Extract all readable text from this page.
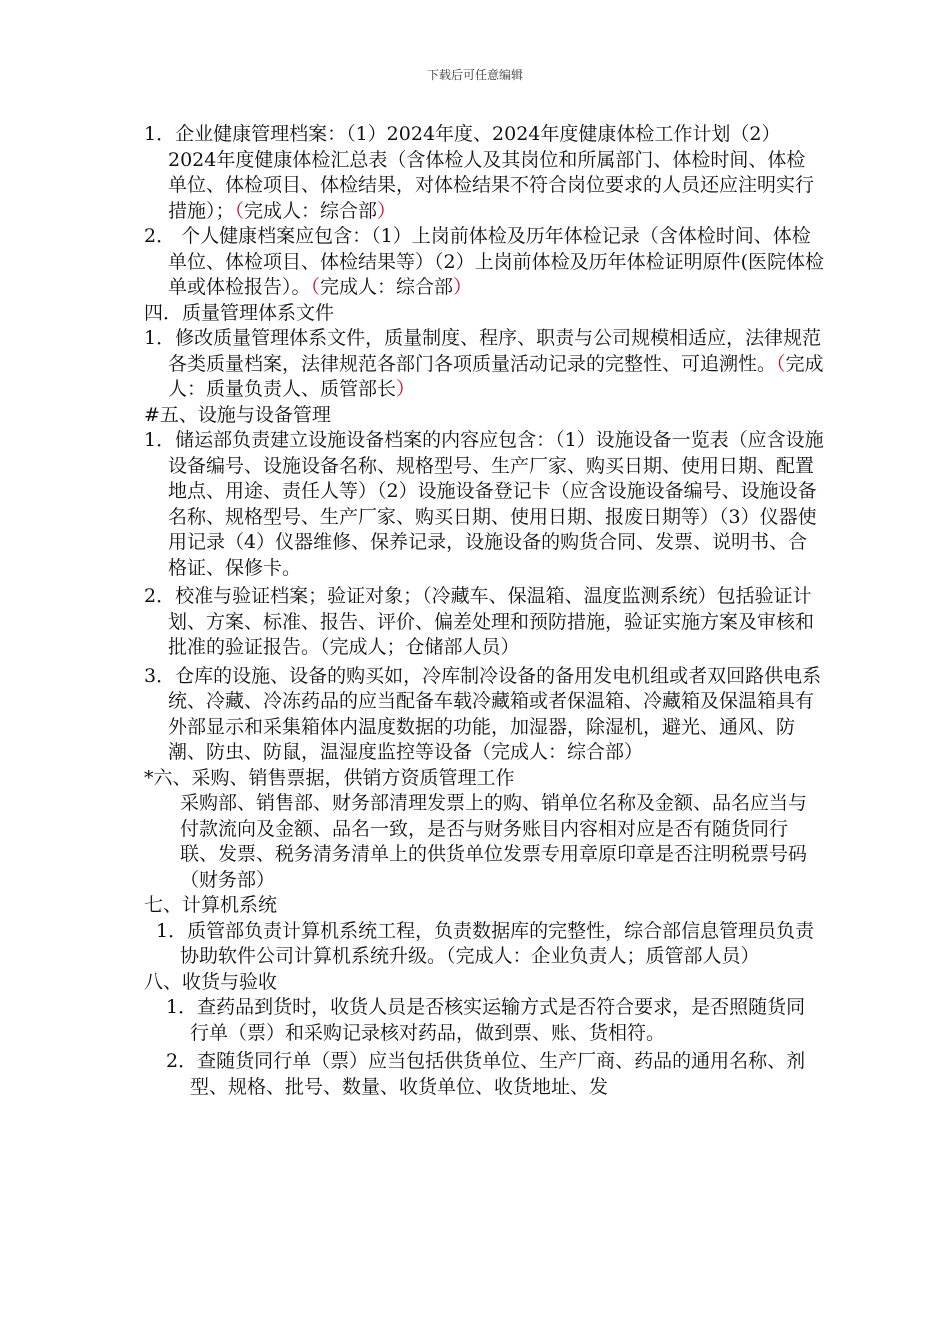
下载后可任意编辑

1．企业健康管理档案：（1）2024年度、2024年度健康体检工作计划（2）2024年度健康体检汇总表（含体检人及其岗位和所属部门、体检时间、体检单位、体检项目、体检结果，对体检结果不符合岗位要求的人员还应注明实行措施）；（完成人：综合部）

2． 个人健康档案应包含：（1）上岗前体检及历年体检记录（含体检时间、体检单位、体检项目、体检结果等）（2）上岗前体检及历年体检证明原件(医院体检单或体检报告）。（完成人：综合部）

四．质量管理体系文件

1．修改质量管理体系文件，质量制度、程序、职责与公司规模相适应，法律规范各类质量档案，法律规范各部门各项质量活动记录的完整性、可追溯性。（完成人：质量负责人、质管部长）

#五、设施与设备管理

1．储运部负责建立设施设备档案的内容应包含：（1）设施设备一览表（应含设施设备编号、设施设备名称、规格型号、生产厂家、购买日期、使用日期、配置地点、用途、责任人等）（2）设施设备登记卡（应含设施设备编号、设施设备名称、规格型号、生产厂家、购买日期、使用日期、报废日期等）（3）仪器使用记录（4）仪器维修、保养记录，设施设备的购货合同、发票、说明书、合格证、保修卡。

2．校准与验证档案；验证对象；（冷藏车、保温箱、温度监测系统）包括验证计划、方案、标准、报告、评价、偏差处理和预防措施，验证实施方案及审核和批准的验证报告。（完成人；仓储部人员）

3．仓库的设施、设备的购买如，冷库制冷设备的备用发电机组或者双回路供电系统、冷藏、冷冻药品的应当配备车载冷藏箱或者保温箱、冷藏箱及保温箱具有外部显示和采集箱体内温度数据的功能，加湿器，除湿机，避光、通风、防潮、防虫、防鼠，温湿度监控等设备（完成人：综合部）

*六、采购、销售票据，供销方资质管理工作

采购部、销售部、财务部清理发票上的购、销单位名称及金额、品名应当与付款流向及金额、品名一致，是否与财务账目内容相对应是否有随货同行联、发票、税务清务清单上的供货单位发票专用章原印章是否注明税票号码（财务部）

七、计算机系统

1．质管部负责计算机系统工程，负责数据库的完整性，综合部信息管理员负责协助软件公司计算机系统升级。（完成人：企业负责人；质管部人员）

八、收货与验收

1．查药品到货时，收货人员是否核实运输方式是否符合要求，是否照随货同行单（票）和采购记录核对药品，做到票、账、货相符。

2．查随货同行单（票）应当包括供货单位、生产厂商、药品的通用名称、剂型、规格、批号、数量、收货单位、收货地址、发
